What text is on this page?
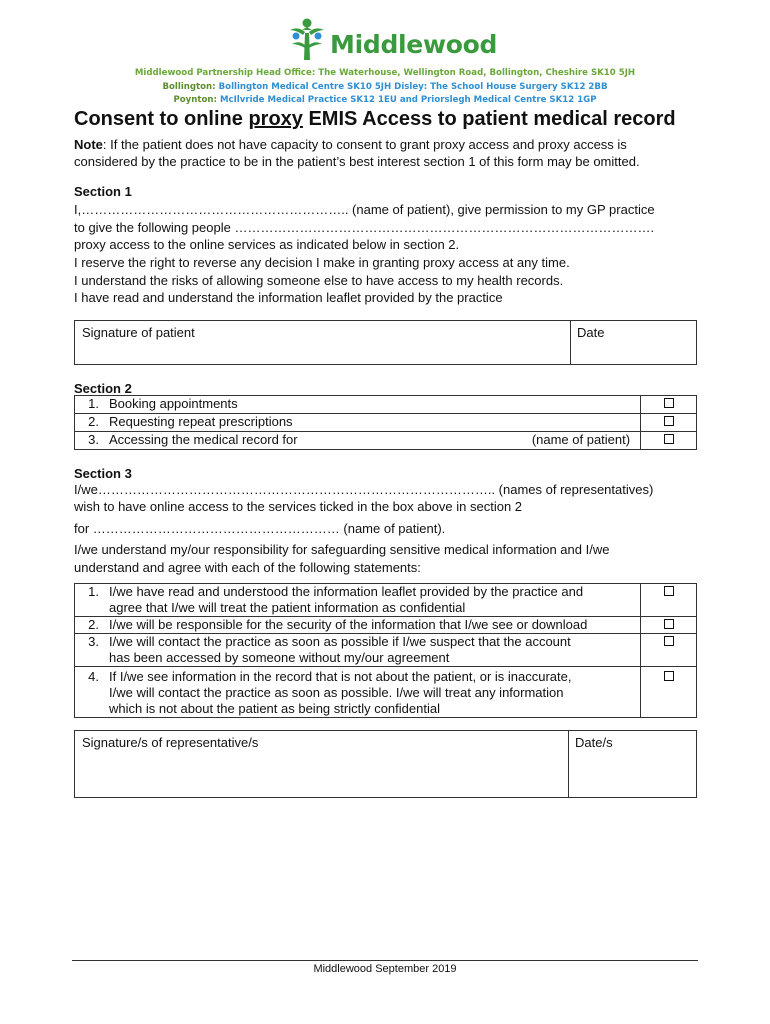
Middlewood
Middlewood Partnership Head Office: The Waterhouse, Wellington Road, Bollington, Cheshire SK10 5JH
Bollington: Bollington Medical Centre SK10 5JH Disley: The School House Surgery SK12 2BB
Poynton: McIlvride Medical Practice SK12 1EU and Priorslegh Medical Centre SK12 1GP
Consent to online proxy EMIS Access to patient medical record
Note: If the patient does not have capacity to consent to grant proxy access and proxy access is
considered by the practice to be in the patient’s best interest section 1 of this form may be omitted.
Section 1
I,…………………………………………………….. (name of patient), give permission to my GP practice
to give the following people …………………………………………………………………………………….
proxy access to the online services as indicated below in section 2.
I reserve the right to reverse any decision I make in granting proxy access at any time.
I understand the risks of allowing someone else to have access to my health records.
I have read and understand the information leaflet provided by the practice
Signature of patient	Date
Section 2
1. Booking appointments	

2. Requesting repeat prescriptions	

3. Accessing the medical record for (name of patient)	

Section 3
I/we……………………………………………………………………………….. (names of representatives)
wish to have online access to the services ticked in the box above in section 2
for ………………………………………………… (name of patient).
I/we understand my/our responsibility for safeguarding sensitive medical information and I/we
understand and agree with each of the following statements:
1. I/we have read and understood the information leaflet provided by the practice and
agree that I/we will treat the patient information as confidential	

2. I/we will be responsible for the security of the information that I/we see or download	

3. I/we will contact the practice as soon as possible if I/we suspect that the account
has been accessed by someone without my/our agreement	

4. If I/we see information in the record that is not about the patient, or is inaccurate,
I/we will contact the practice as soon as possible. I/we will treat any information
which is not about the patient as being strictly confidential	

Signature/s of representative/s	Date/s
Middlewood September 2019
